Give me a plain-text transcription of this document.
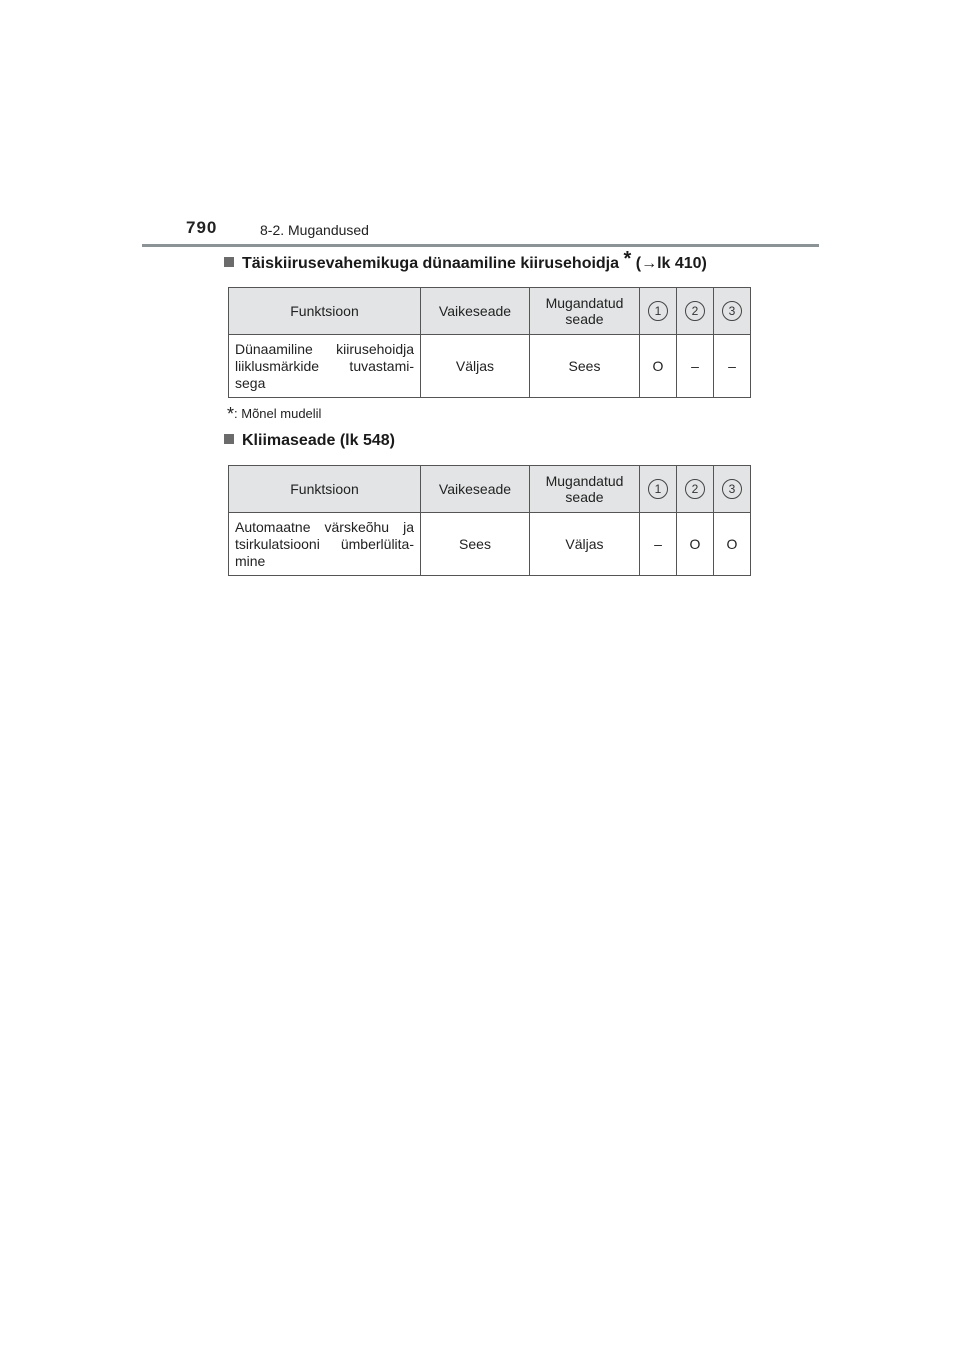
790	8-2. Mugandused
Täiskiirusevahemikuga dünaamiline kiirusehoidja * (→lk 410)
Funktsioon	Vaikeseade	Mugandatud seade	1	2	3
Dünaamiline kiirusehoidja liiklusmärkide tuvastami- sega	Väljas	Sees	O	–	–
*: Mõnel mudelil
Kliimaseade (lk 548)
Funktsioon	Vaikeseade	Mugandatud seade	1	2	3
Automaatne värskeõhu ja tsirkulatsiooni ümberlülita- mine	Sees	Väljas	–	O	O
